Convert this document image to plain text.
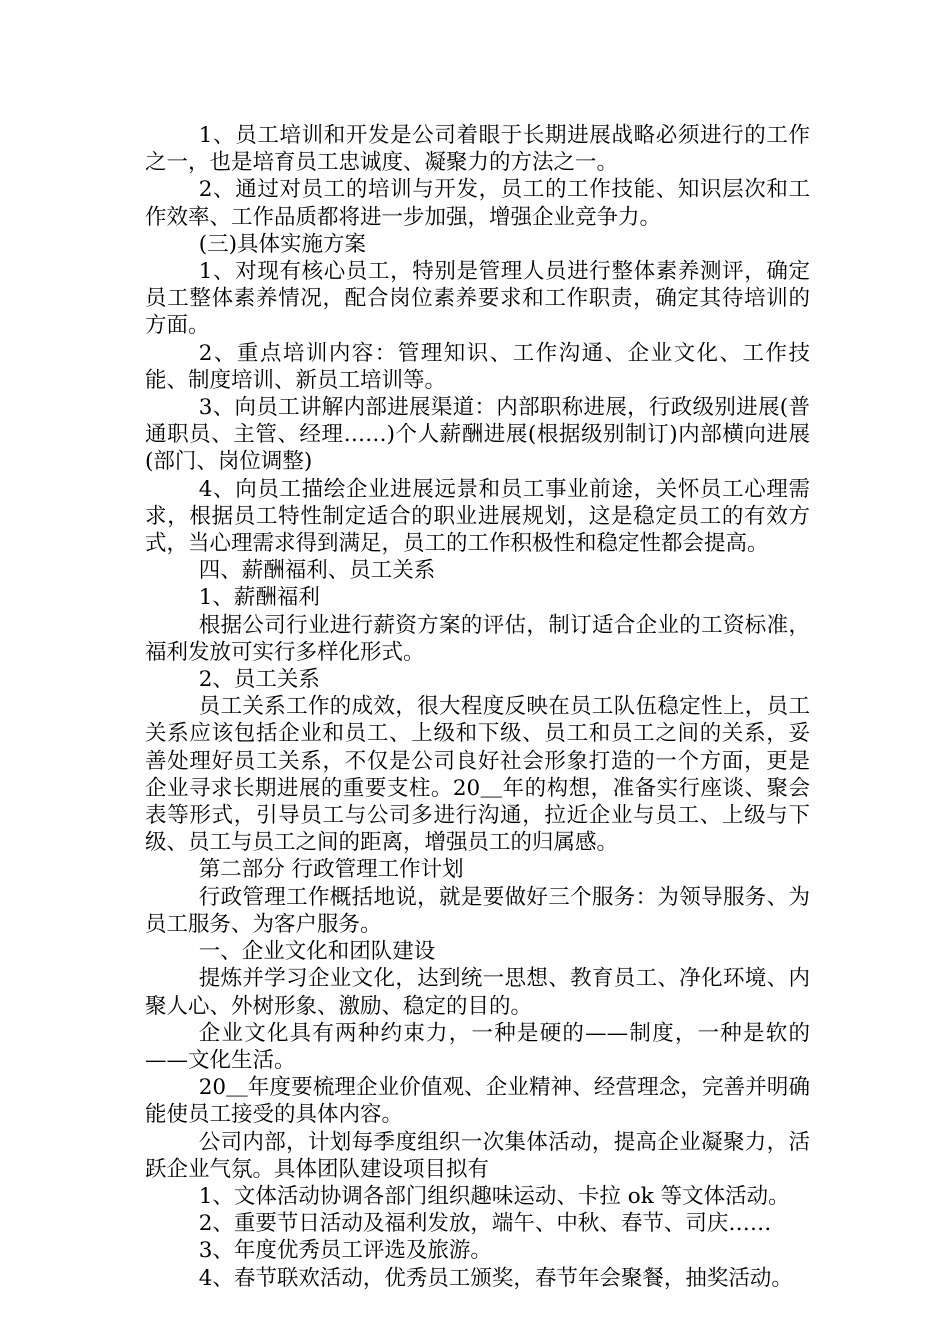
1、员工培训和开发是公司着眼于长期进展战略必须进行的工作之一，也是培育员工忠诚度、凝聚力的方法之一。

2、通过对员工的培训与开发，员工的工作技能、知识层次和工作效率、工作品质都将进一步加强，增强企业竞争力。

(三)具体实施方案

1、对现有核心员工，特别是管理人员进行整体素养测评，确定员工整体素养情况，配合岗位素养要求和工作职责，确定其待培训的方面。

2、重点培训内容：管理知识、工作沟通、企业文化、工作技能、制度培训、新员工培训等。

3、向员工讲解内部进展渠道：内部职称进展，行政级别进展(普通职员、主管、经理……)个人薪酬进展(根据级别制订)内部横向进展(部门、岗位调整)

4、向员工描绘企业进展远景和员工事业前途，关怀员工心理需求，根据员工特性制定适合的职业进展规划，这是稳定员工的有效方式，当心理需求得到满足，员工的工作积极性和稳定性都会提高。

四、薪酬福利、员工关系

1、薪酬福利

根据公司行业进行薪资方案的评估，制订适合企业的工资标准，福利发放可实行多样化形式。

2、员工关系

员工关系工作的成效，很大程度反映在员工队伍稳定性上，员工关系应该包括企业和员工、上级和下级、员工和员工之间的关系，妥善处理好员工关系，不仅是公司良好社会形象打造的一个方面，更是企业寻求长期进展的重要支柱。20＿年的构想，准备实行座谈、聚会表等形式，引导员工与公司多进行沟通，拉近企业与员工、上级与下级、员工与员工之间的距离，增强员工的归属感。

第二部分 行政管理工作计划

行政管理工作概括地说，就是要做好三个服务：为领导服务、为员工服务、为客户服务。

一、企业文化和团队建设

提炼并学习企业文化，达到统一思想、教育员工、净化环境、内聚人心、外树形象、激励、稳定的目的。

企业文化具有两种约束力，一种是硬的——制度，一种是软的——文化生活。

20＿年度要梳理企业价值观、企业精神、经营理念，完善并明确能使员工接受的具体内容。

公司内部，计划每季度组织一次集体活动，提高企业凝聚力，活跃企业气氛。具体团队建设项目拟有

1、文体活动协调各部门组织趣味运动、卡拉 ok 等文体活动。

2、重要节日活动及福利发放，端午、中秋、春节、司庆……

3、年度优秀员工评选及旅游。

4、春节联欢活动，优秀员工颁奖，春节年会聚餐，抽奖活动。
